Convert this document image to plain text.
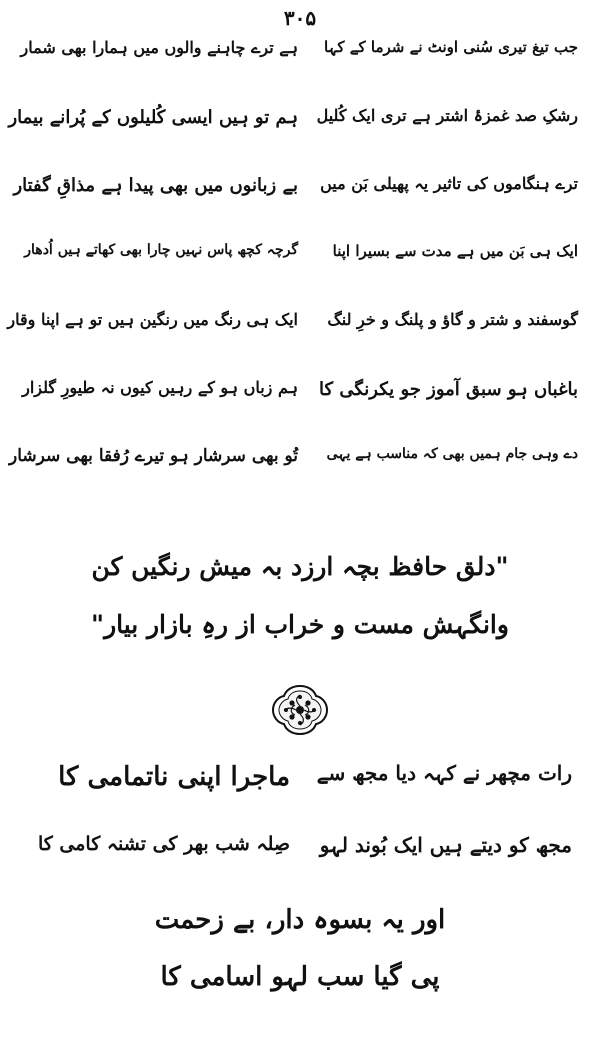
۳۰۵
جب تیغ تیری سُنی اونٹ نے شرما کے کہا
ہے ترے چاہنے والوں میں ہمارا بھی شمار
رشکِ صد غمزۂ اشتر ہے تری ایک کُلیل
ہم تو ہیں ایسی کُلیلوں کے پُرانے بیمار
ترے ہنگاموں کی تاثیر یہ پھیلی بَن میں
بے زبانوں میں بھی پیدا ہے مذاقِ گفتار
ایک ہی بَن میں ہے مدت سے بسیرا اپنا
گرچہ کچھ پاس نہیں چارا بھی کھاتے ہیں اُدھار
گوسفند و شتر و گاؤ و پلنگ و خرِ لنگ
ایک ہی رنگ میں رنگین ہیں تو ہے اپنا وقار
باغباں ہو سبق آموز جو یکرنگی کا
ہم زباں ہو کے رہیں کیوں نہ طیورِ گلزار
دے وہی جام ہمیں بھی کہ مناسب ہے یہی
تُو بھی سرشار ہو تیرے رُفقا بھی سرشار
"دلق حافظ بچہ ارزد بہ میش رنگیں کن
وانگہش مست و خراب از رہِ بازار بیار"
رات مچھر نے کہہ دیا مجھ سے
ماجرا اپنی ناتمامی کا
مجھ کو دیتے ہیں ایک بُوند لہو
صِلہ شب بھر کی تشنہ کامی کا
اور یہ بسوہ دار، بے زحمت
پی گیا سب لہو اسامی کا
